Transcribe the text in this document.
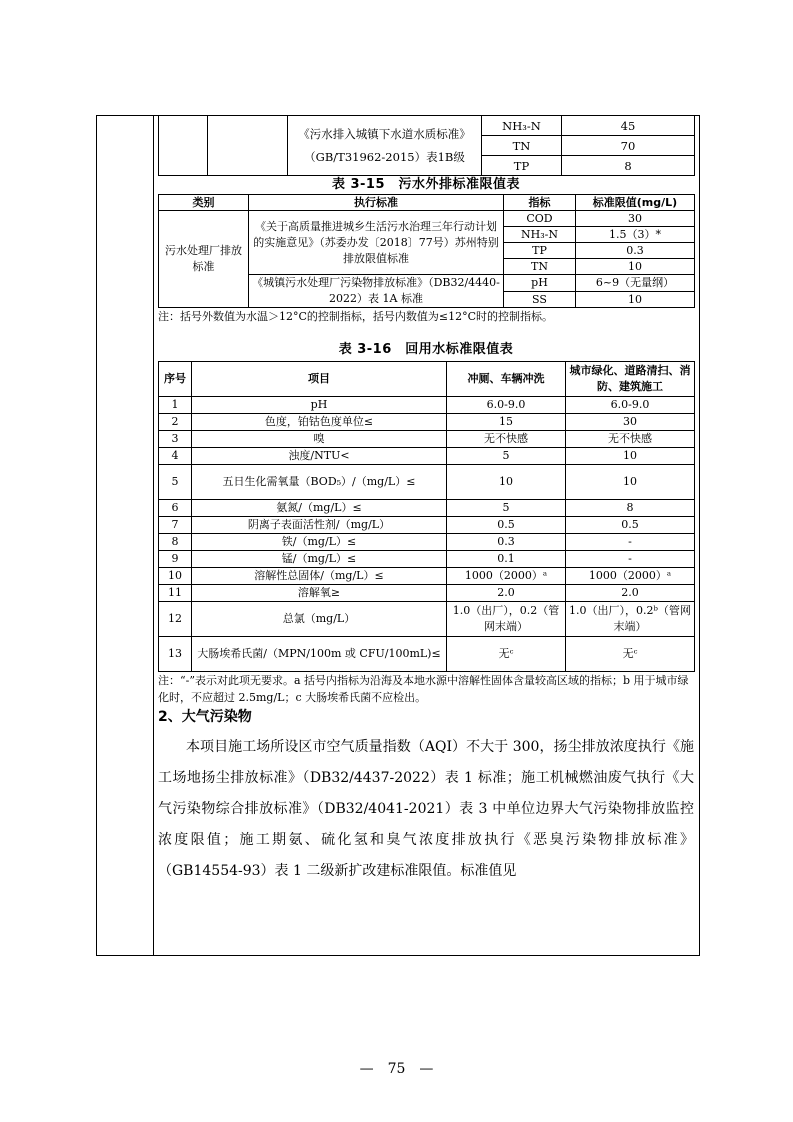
		《污水排入城镇下水道水质标准》（GB/T31962-2015）表1B级	NH₃-N	45
			TN	70
			TP	8
表 3-15　污水外排标准限值表
类别	执行标准	指标	标准限值(mg/L)
污水处理厂排放标准	《关于高质量推进城乡生活污水治理三年行动计划的实施意见》（苏委办发〔2018〕77号）苏州特别排放限值标准	COD	30
		NH₃-N	1.5（3）*
		TP	0.3
		TN	10
	《城镇污水处理厂污染物排放标准》（DB32/4440-2022）表 1A 标准	pH	6~9（无量纲）
		SS	10
注：括号外数值为水温＞12°C的控制指标，括号内数值为≤12°C时的控制指标。
表 3-16　回用水标准限值表
序号	项目	冲厕、车辆冲洗	城市绿化、道路清扫、消防、建筑施工
1	pH	6.0-9.0	6.0-9.0
2	色度，铂钴色度单位≤	15	30
3	嗅	无不快感	无不快感
4	浊度/NTU<	5	10
5	五日生化需氧量（BOD₅）/（mg/L）≤	10	10
6	氨氮/（mg/L）≤	5	8
7	阴离子表面活性剂/（mg/L）	0.5	0.5
8	铁/（mg/L）≤	0.3	-
9	锰/（mg/L）≤	0.1	-
10	溶解性总固体/（mg/L）≤	1000（2000）ᵃ	1000（2000）ᵃ
11	溶解氧≥	2.0	2.0
12	总氯（mg/L）	1.0（出厂），0.2（管网末端）	1.0（出厂），0.2ᵇ（管网末端）
13	大肠埃希氏菌/（MPN/100m 或 CFU/100mL)≤	无ᶜ	无ᶜ
注：“-”表示对此项无要求。a 括号内指标为沿海及本地水源中溶解性固体含量较高区域的指标；b 用于城市绿化时，不应超过 2.5mg/L；c 大肠埃希氏菌不应检出。
2、大气污染物

本项目施工场所设区市空气质量指数（AQI）不大于 300，扬尘排放浓度执行《施工场地扬尘排放标准》（DB32/4437-2022）表 1 标准；施工机械燃油废气执行《大气污染物综合排放标准》（DB32/4041-2021）表 3 中单位边界大气污染物排放监控浓度限值；施工期氨、硫化氢和臭气浓度排放执行《恶臭污染物排放标准》（GB14554-93）表 1 二级新扩改建标准限值。标准值见

—　75　—
